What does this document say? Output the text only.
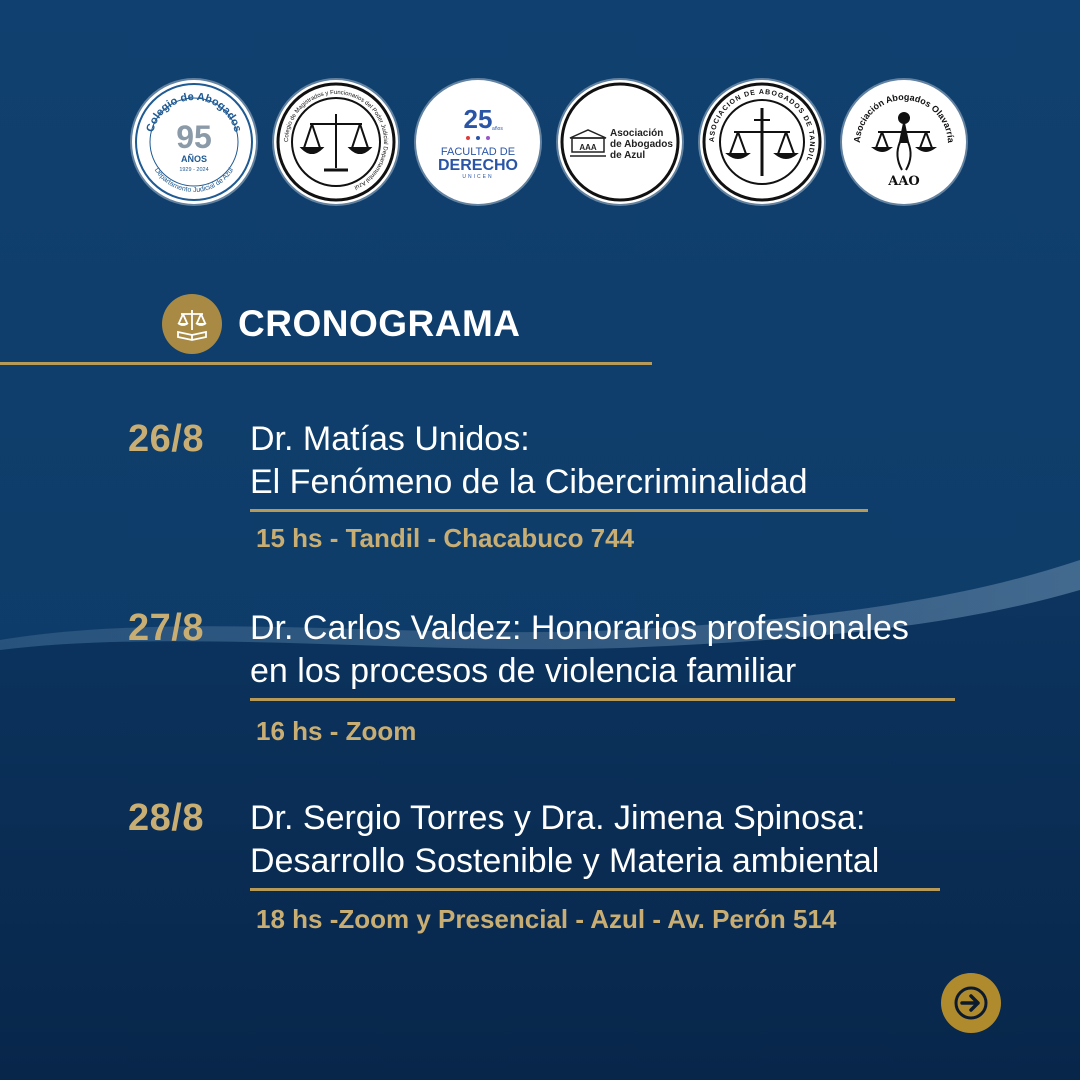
Colegio de Abogados
Departamento Judicial de Azul
95
AÑOS
1929 - 2024
Colegio de Magistrados y Funcionarios del Poder Judicial Departamental Azul
25 años
FACULTAD DE
DERECHO
UNICEN
AAA
Asociación
de Abogados
de Azul
ASOCIACION DE ABOGADOS DE TANDIL
Asociación Abogados Olavarría
AAO
CRONOGRAMA
26/8 Dr. Matías Unidos:
El Fenómeno de la Cibercriminalidad
15 hs - Tandil - Chacabuco 744
27/8 Dr. Carlos Valdez: Honorarios profesionales
en los procesos de violencia familiar
16 hs - Zoom
28/8 Dr. Sergio Torres y Dra. Jimena Spinosa:
Desarrollo Sostenible y Materia ambiental
18 hs -Zoom y Presencial - Azul - Av. Perón 514
